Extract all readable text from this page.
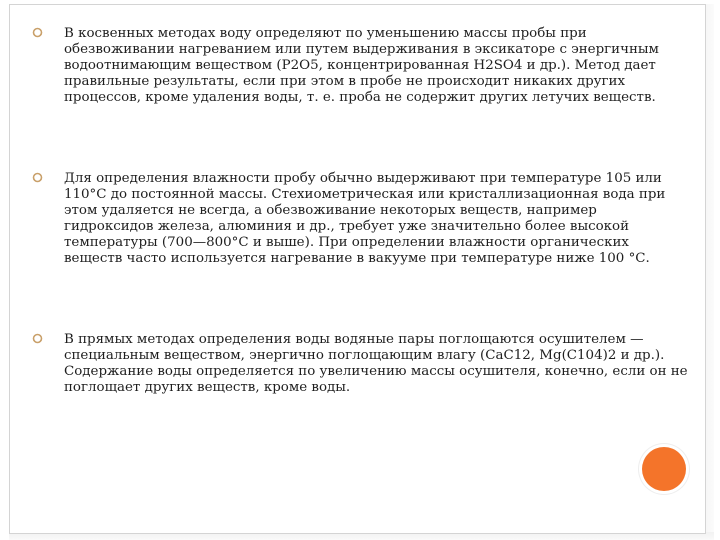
В косвенных методах воду определяют по уменьшению массы пробы при обезвоживании нагреванием или путем выдерживания в эксикаторе с энергичным водоотнимающим веществом (Р2О5, концентрированная H2SO4 и др.). Метод дает правильные результаты, если при этом в пробе не происходит никаких других процессов, кроме удаления воды, т. е. проба не содержит других летучих веществ.

Для определения влажности пробу обычно выдерживают при температуре 105 или 110°С до постоянной массы. Стехиометрическая или кристаллизационная вода при этом удаляется не всегда, а обезвоживание некоторых веществ, например гидроксидов железа, алюминия и др., требует уже значительно более высокой температуры (700—800°С и выше). При определении влажности органических веществ часто используется нагревание в вакууме при температуре ниже 100 °С.

В прямых методах определения воды водяные пары поглощаются осушителем — специальным веществом, энергично поглощающим влагу (СаС12, Mg(C104)2 и др.). Содержание воды определяется по увеличению массы осушителя, конечно, если он не поглощает других веществ, кроме воды.
